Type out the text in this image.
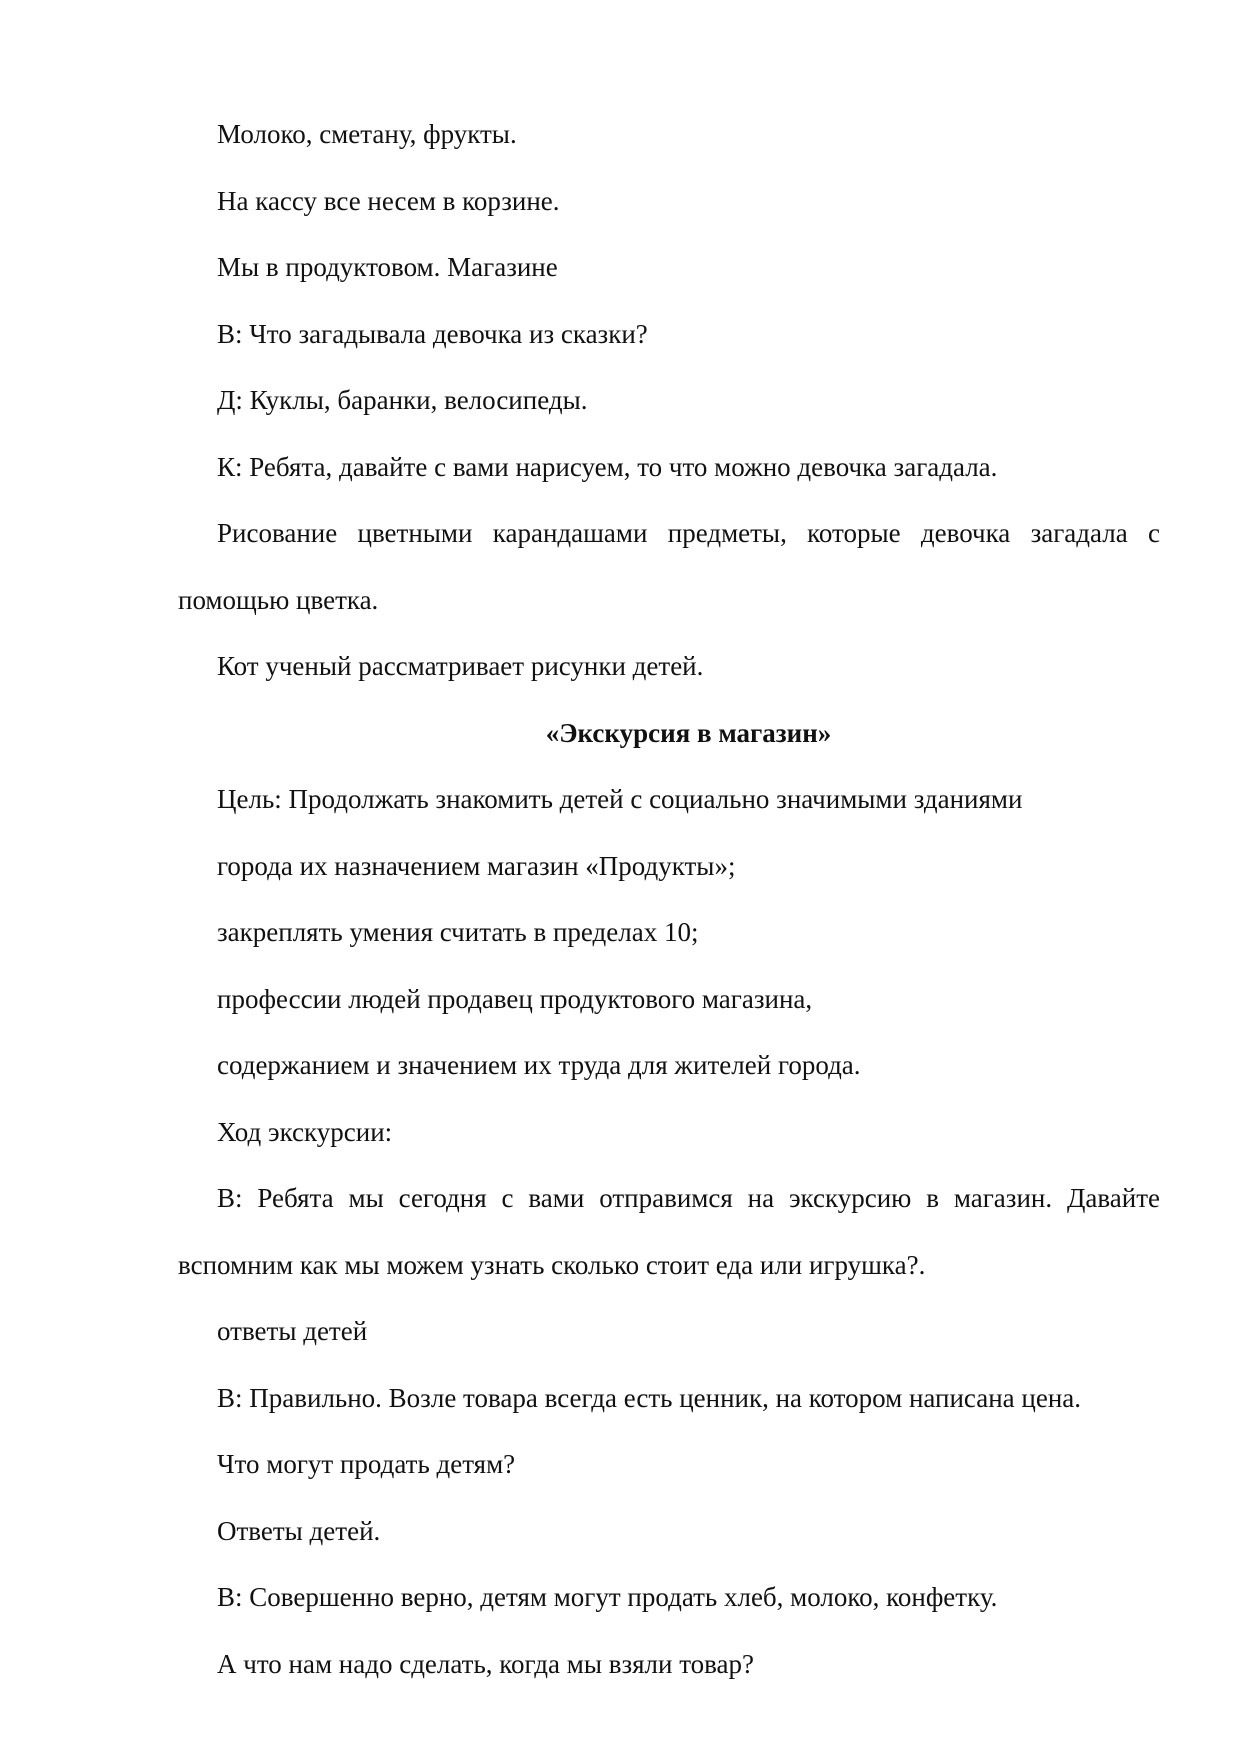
Молоко, сметану, фрукты.

На кассу все несем в корзине.

Мы в продуктовом. Магазине

В: Что загадывала девочка из сказки?

Д: Куклы, баранки, велосипеды.

К: Ребята, давайте с вами нарисуем, то что можно девочка загадала.

Рисование цветными карандашами предметы, которые девочка загадала с помощью цветка.

Кот ученый рассматривает рисунки детей.

«Экскурсия в магазин»

Цель: Продолжать знакомить детей с социально значимыми зданиями

города их назначением магазин «Продукты»;

закреплять умения считать в пределах 10;

профессии людей продавец продуктового магазина,

содержанием и значением их труда для жителей города.

Ход экскурсии:

В: Ребята мы сегодня с вами отправимся на экскурсию в магазин. Давайте вспомним как мы можем узнать сколько стоит еда или игрушка?.

ответы детей

В: Правильно. Возле товара всегда есть ценник, на котором написана цена.

Что могут продать детям?

Ответы детей.

В: Совершенно верно, детям могут продать хлеб, молоко, конфетку.

А что нам надо сделать, когда мы взяли товар?
